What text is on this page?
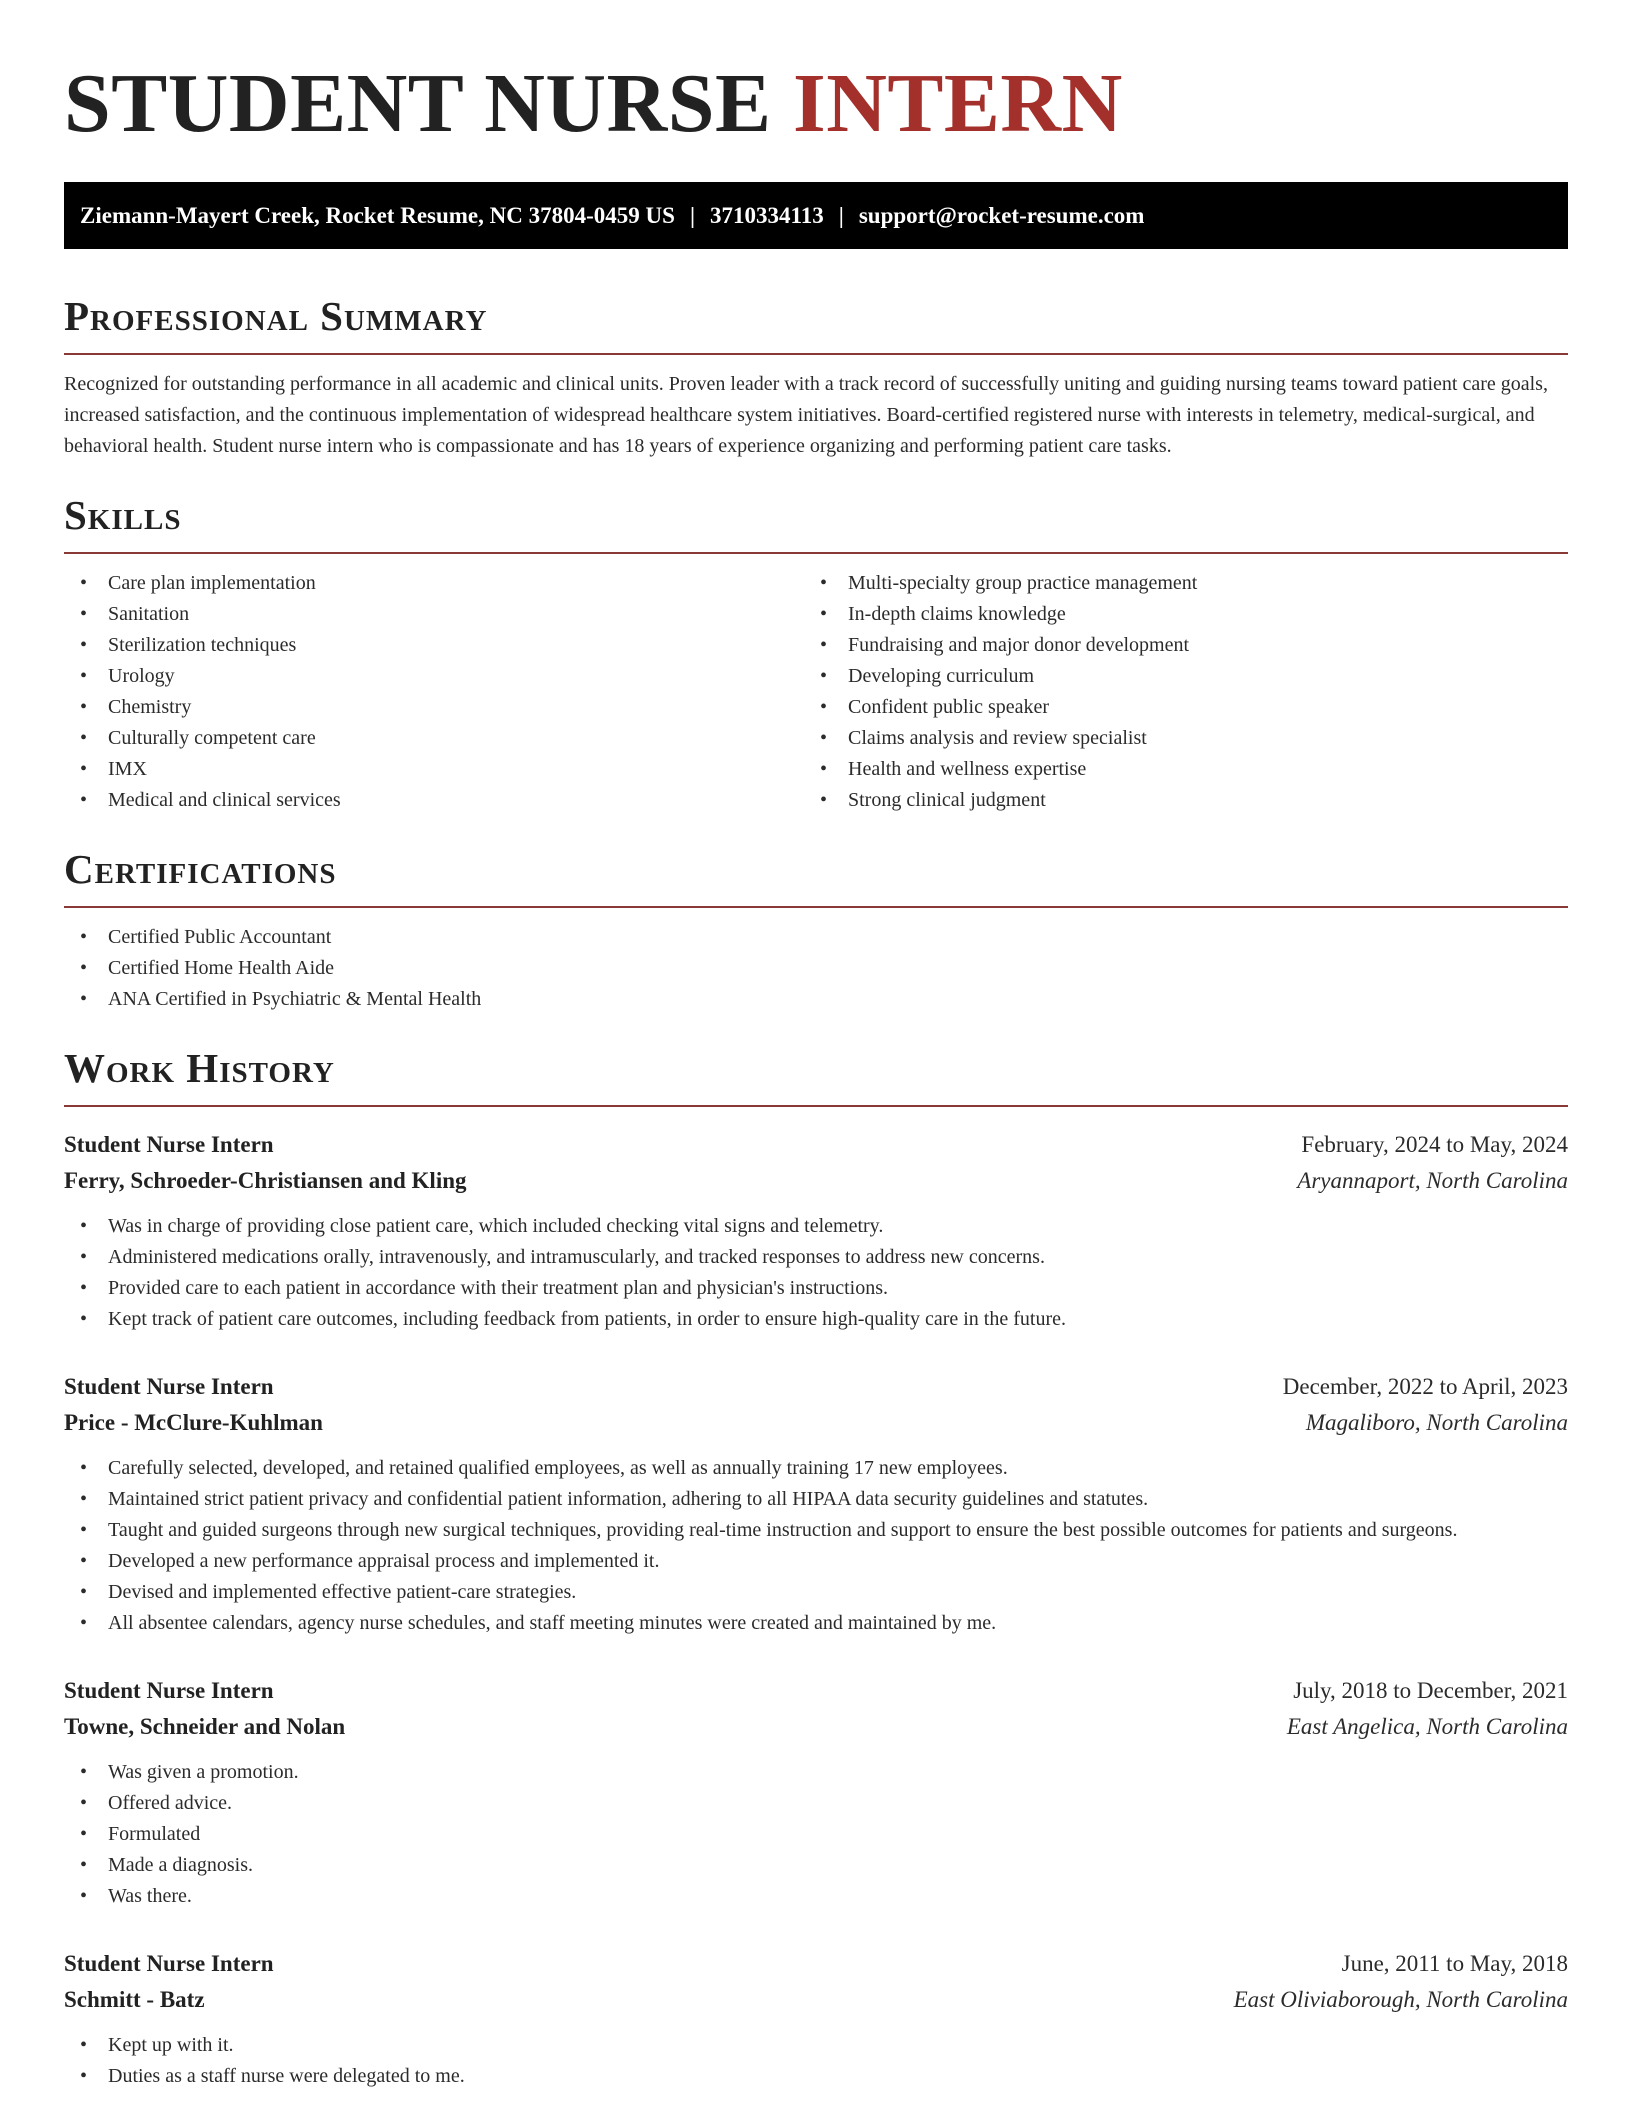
STUDENT NURSE INTERN
Ziemann-Mayert Creek, Rocket Resume, NC 37804-0459 US | 3710334113 | support@rocket-resume.com
Professional Summary

Recognized for outstanding performance in all academic and clinical units. Proven leader with a track record of successfully uniting and guiding nursing teams toward patient care goals, increased satisfaction, and the continuous implementation of widespread healthcare system initiatives. Board-certified registered nurse with interests in telemetry, medical-surgical, and behavioral health. Student nurse intern who is compassionate and has 18 years of experience organizing and performing patient care tasks.

Skills
• Care plan implementation
• Sanitation
• Sterilization techniques
• Urology
• Chemistry
• Culturally competent care
• IMX
• Medical and clinical services
• Multi-specialty group practice management
• In-depth claims knowledge
• Fundraising and major donor development
• Developing curriculum
• Confident public speaker
• Claims analysis and review specialist
• Health and wellness expertise
• Strong clinical judgment
Certifications
• Certified Public Accountant
• Certified Home Health Aide
• ANA Certified in Psychiatric & Mental Health
Work History
Student Nurse Intern	February, 2024 to May, 2024
Ferry, Schroeder-Christiansen and Kling	Aryannaport, North Carolina
• Was in charge of providing close patient care, which included checking vital signs and telemetry.
• Administered medications orally, intravenously, and intramuscularly, and tracked responses to address new concerns.
• Provided care to each patient in accordance with their treatment plan and physician's instructions.
• Kept track of patient care outcomes, including feedback from patients, in order to ensure high-quality care in the future.
Student Nurse Intern	December, 2022 to April, 2023
Price - McClure-Kuhlman	Magaliboro, North Carolina
• Carefully selected, developed, and retained qualified employees, as well as annually training 17 new employees.
• Maintained strict patient privacy and confidential patient information, adhering to all HIPAA data security guidelines and statutes.
• Taught and guided surgeons through new surgical techniques, providing real-time instruction and support to ensure the best possible outcomes for patients and surgeons.
• Developed a new performance appraisal process and implemented it.
• Devised and implemented effective patient-care strategies.
• All absentee calendars, agency nurse schedules, and staff meeting minutes were created and maintained by me.
Student Nurse Intern	July, 2018 to December, 2021
Towne, Schneider and Nolan	East Angelica, North Carolina
• Was given a promotion.
• Offered advice.
• Formulated
• Made a diagnosis.
• Was there.
Student Nurse Intern	June, 2011 to May, 2018
Schmitt - Batz	East Oliviaborough, North Carolina
• Kept up with it.
• Duties as a staff nurse were delegated to me.
